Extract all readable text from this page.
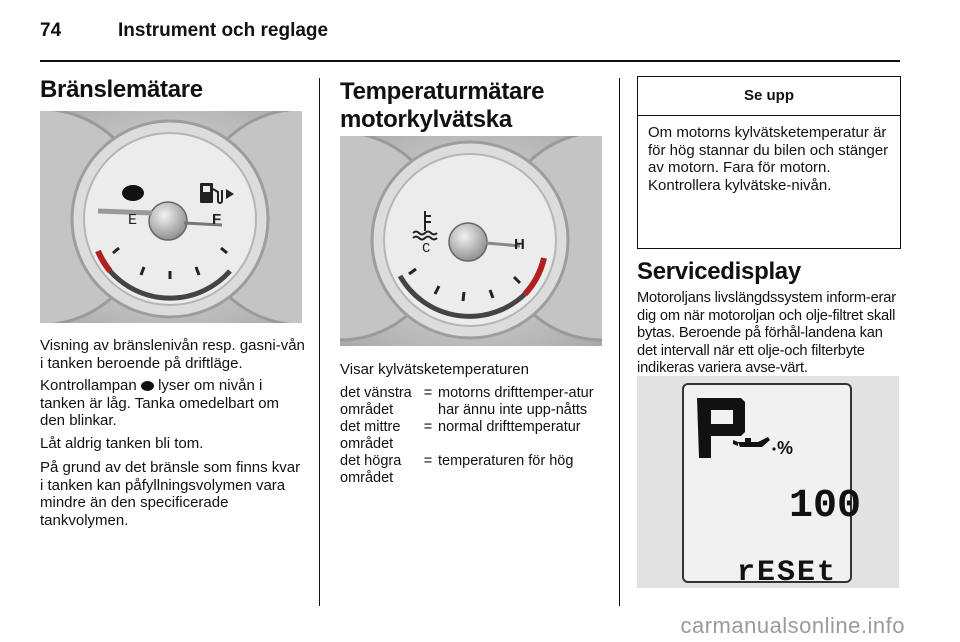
74	Instrument och reglage
Bränslemätare
E	F

Visning av bränslenivån resp. gasni-vån i tanken beroende på driftläge.

Kontrollampan lyser om nivån i tanken är låg. Tanka omedelbart om den blinkar.

Låt aldrig tanken bli tom.

På grund av det bränsle som finns kvar i tanken kan påfyllningsvolymen vara mindre än den specificerade tankvolymen.

Temperaturmätare motorkylvätska
C	H

Visar kylvätsketemperaturen

det vänstra området	=	motorns drifttemper-atur har ännu inte upp-nåtts
det mittre området	=	normal drifttemperatur
det högra området	=	temperaturen för hög
Se upp
Om motorns kylvätsketemperatur är för hög stannar du bilen och stänger av motorn. Fara för motorn. Kontrollera kylvätske-nivån.
Servicedisplay

Motoroljans livslängdssystem inform-erar dig om när motoroljan och olje-filtret skall bytas. Beroende på förhål-landena kan det intervall när ett olje-och filterbyte indikeras variera avse-värt.

P
%
100
rESEt
carmanualsonline.info
